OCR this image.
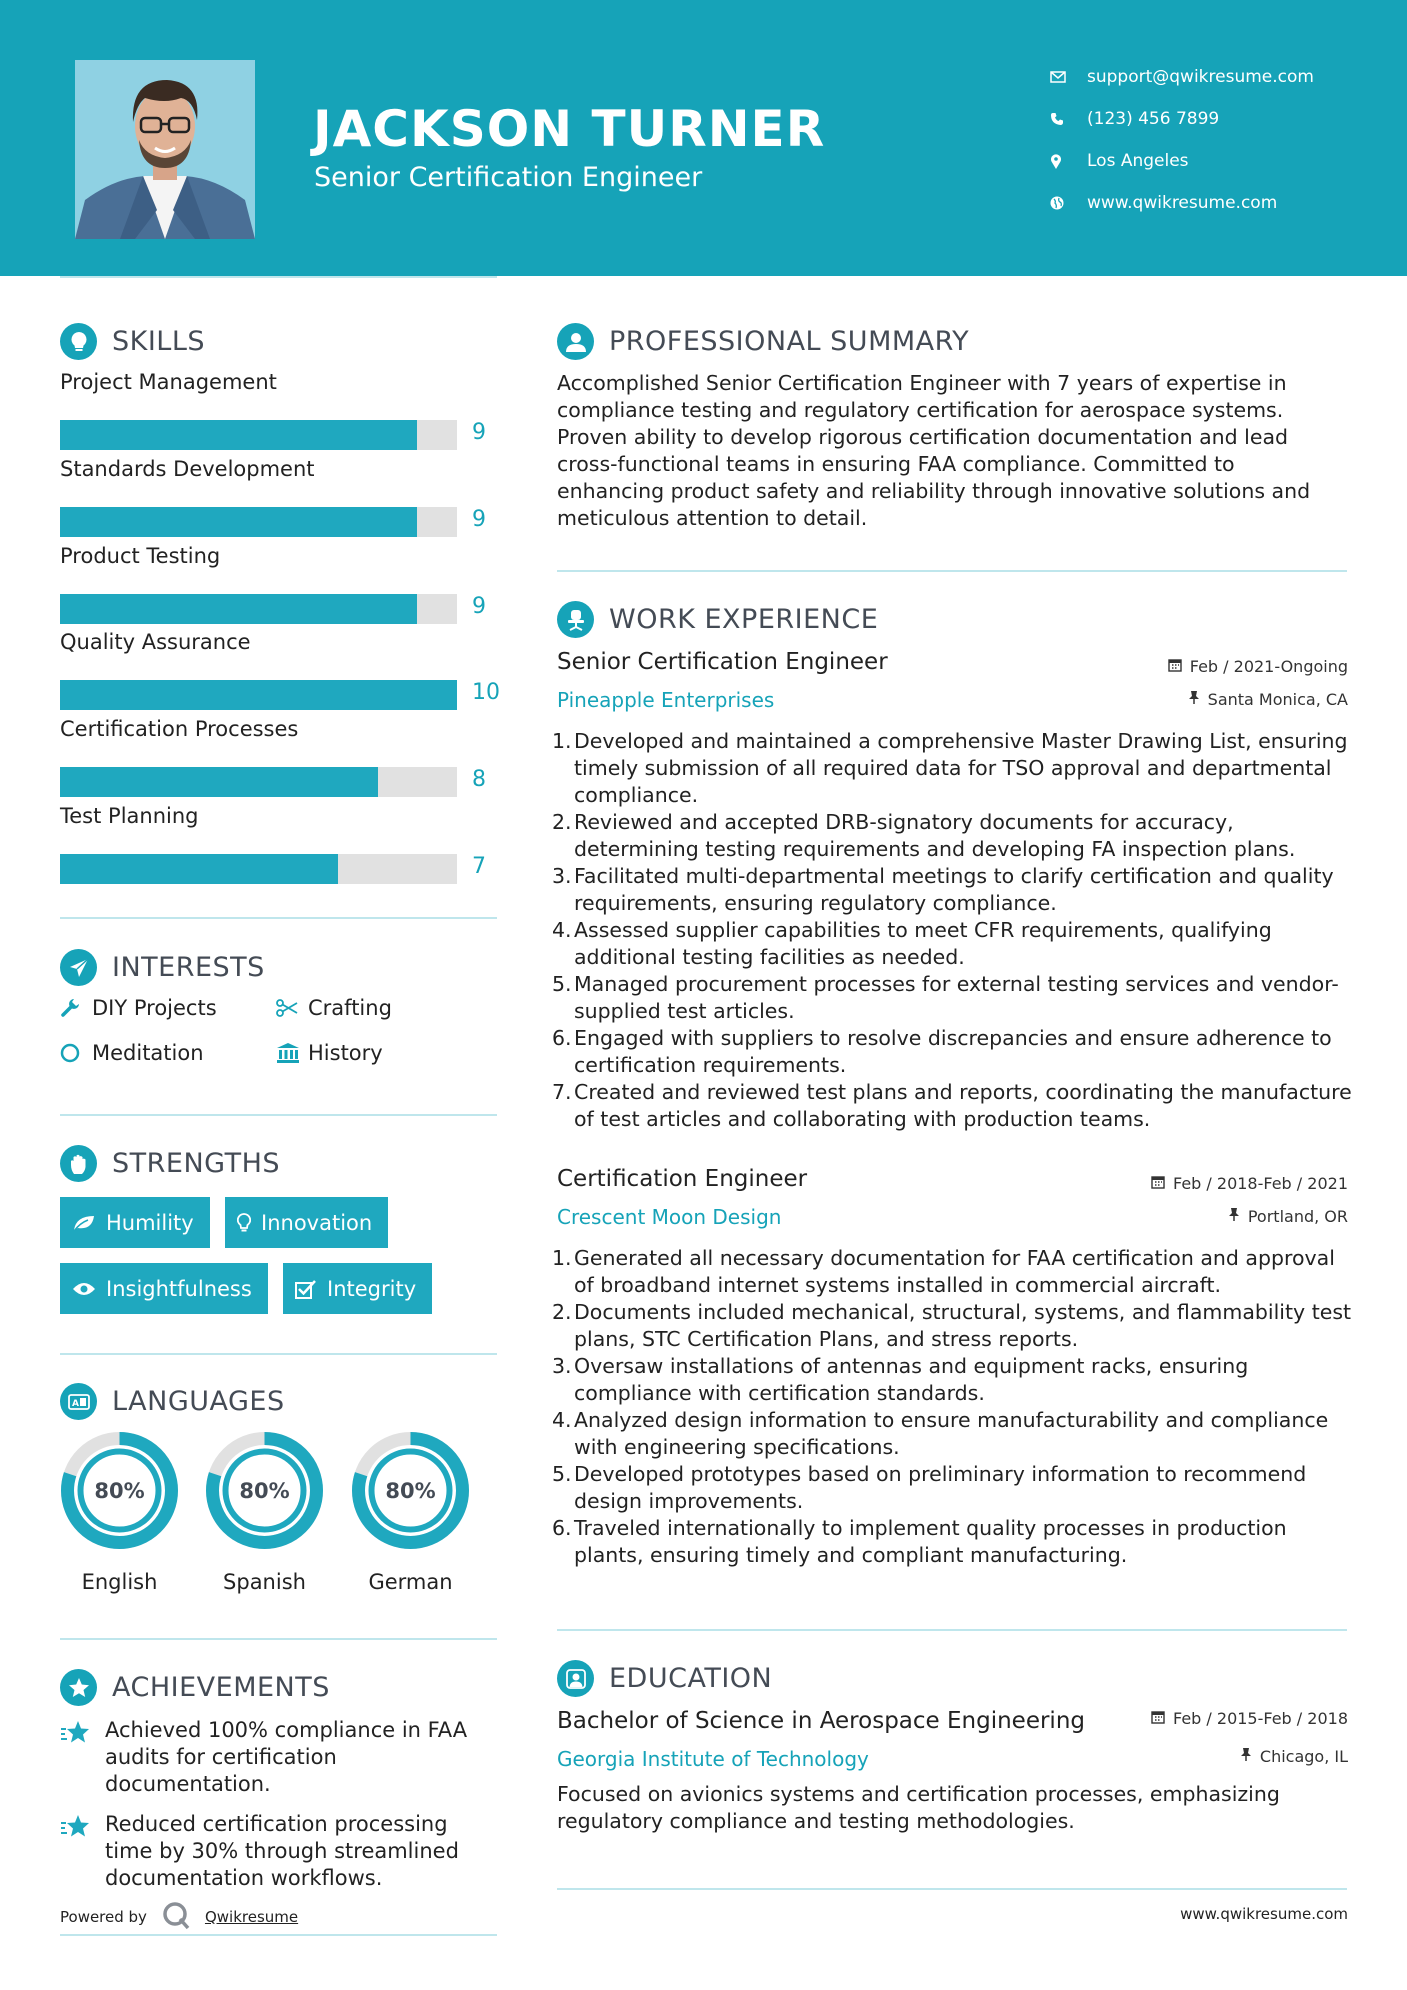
JACKSON TURNER
Senior Certification Engineer
support@qwikresume.com
(123) 456 7899
Los Angeles
www.qwikresume.com
SKILLS
Project Management
9
Standards Development
9
Product Testing
9
Quality Assurance
10
Certification Processes
8
Test Planning
7
INTERESTS
DIY Projects	Crafting
Meditation	History
STRENGTHS
Humility	Innovation
Insightfulness	Integrity
A LANGUAGES
80%
English
80%
Spanish
80%
German
ACHIEVEMENTS
Achieved 100% compliance in FAA audits for certification documentation.
Reduced certification processing time by 30% through streamlined documentation workflows.
Powered by	Qwikresume
PROFESSIONAL SUMMARY
Accomplished Senior Certification Engineer with 7 years of expertise in compliance testing and regulatory certification for aerospace systems. Proven ability to develop rigorous certification documentation and lead cross-functional teams in ensuring FAA compliance. Committed to enhancing product safety and reliability through innovative solutions and meticulous attention to detail.
WORK EXPERIENCE
Senior Certification Engineer	Feb / 2021-Ongoing
Pineapple Enterprises	Santa Monica, CA
1. Developed and maintained a comprehensive Master Drawing List, ensuring timely submission of all required data for TSO approval and departmental compliance.
2. Reviewed and accepted DRB-signatory documents for accuracy, determining testing requirements and developing FA inspection plans.
3. Facilitated multi-departmental meetings to clarify certification and quality requirements, ensuring regulatory compliance.
4. Assessed supplier capabilities to meet CFR requirements, qualifying additional testing facilities as needed.
5. Managed procurement processes for external testing services and vendor-supplied test articles.
6. Engaged with suppliers to resolve discrepancies and ensure adherence to certification requirements.
7. Created and reviewed test plans and reports, coordinating the manufacture of test articles and collaborating with production teams.
Certification Engineer	Feb / 2018-Feb / 2021
Crescent Moon Design	Portland, OR
1. Generated all necessary documentation for FAA certification and approval of broadband internet systems installed in commercial aircraft.
2. Documents included mechanical, structural, systems, and flammability test plans, STC Certification Plans, and stress reports.
3. Oversaw installations of antennas and equipment racks, ensuring compliance with certification standards.
4. Analyzed design information to ensure manufacturability and compliance with engineering specifications.
5. Developed prototypes based on preliminary information to recommend design improvements.
6. Traveled internationally to implement quality processes in production plants, ensuring timely and compliant manufacturing.
EDUCATION
Bachelor of Science in Aerospace Engineering	Feb / 2015-Feb / 2018
Georgia Institute of Technology	Chicago, IL
Focused on avionics systems and certification processes, emphasizing regulatory compliance and testing methodologies.
www.qwikresume.com
